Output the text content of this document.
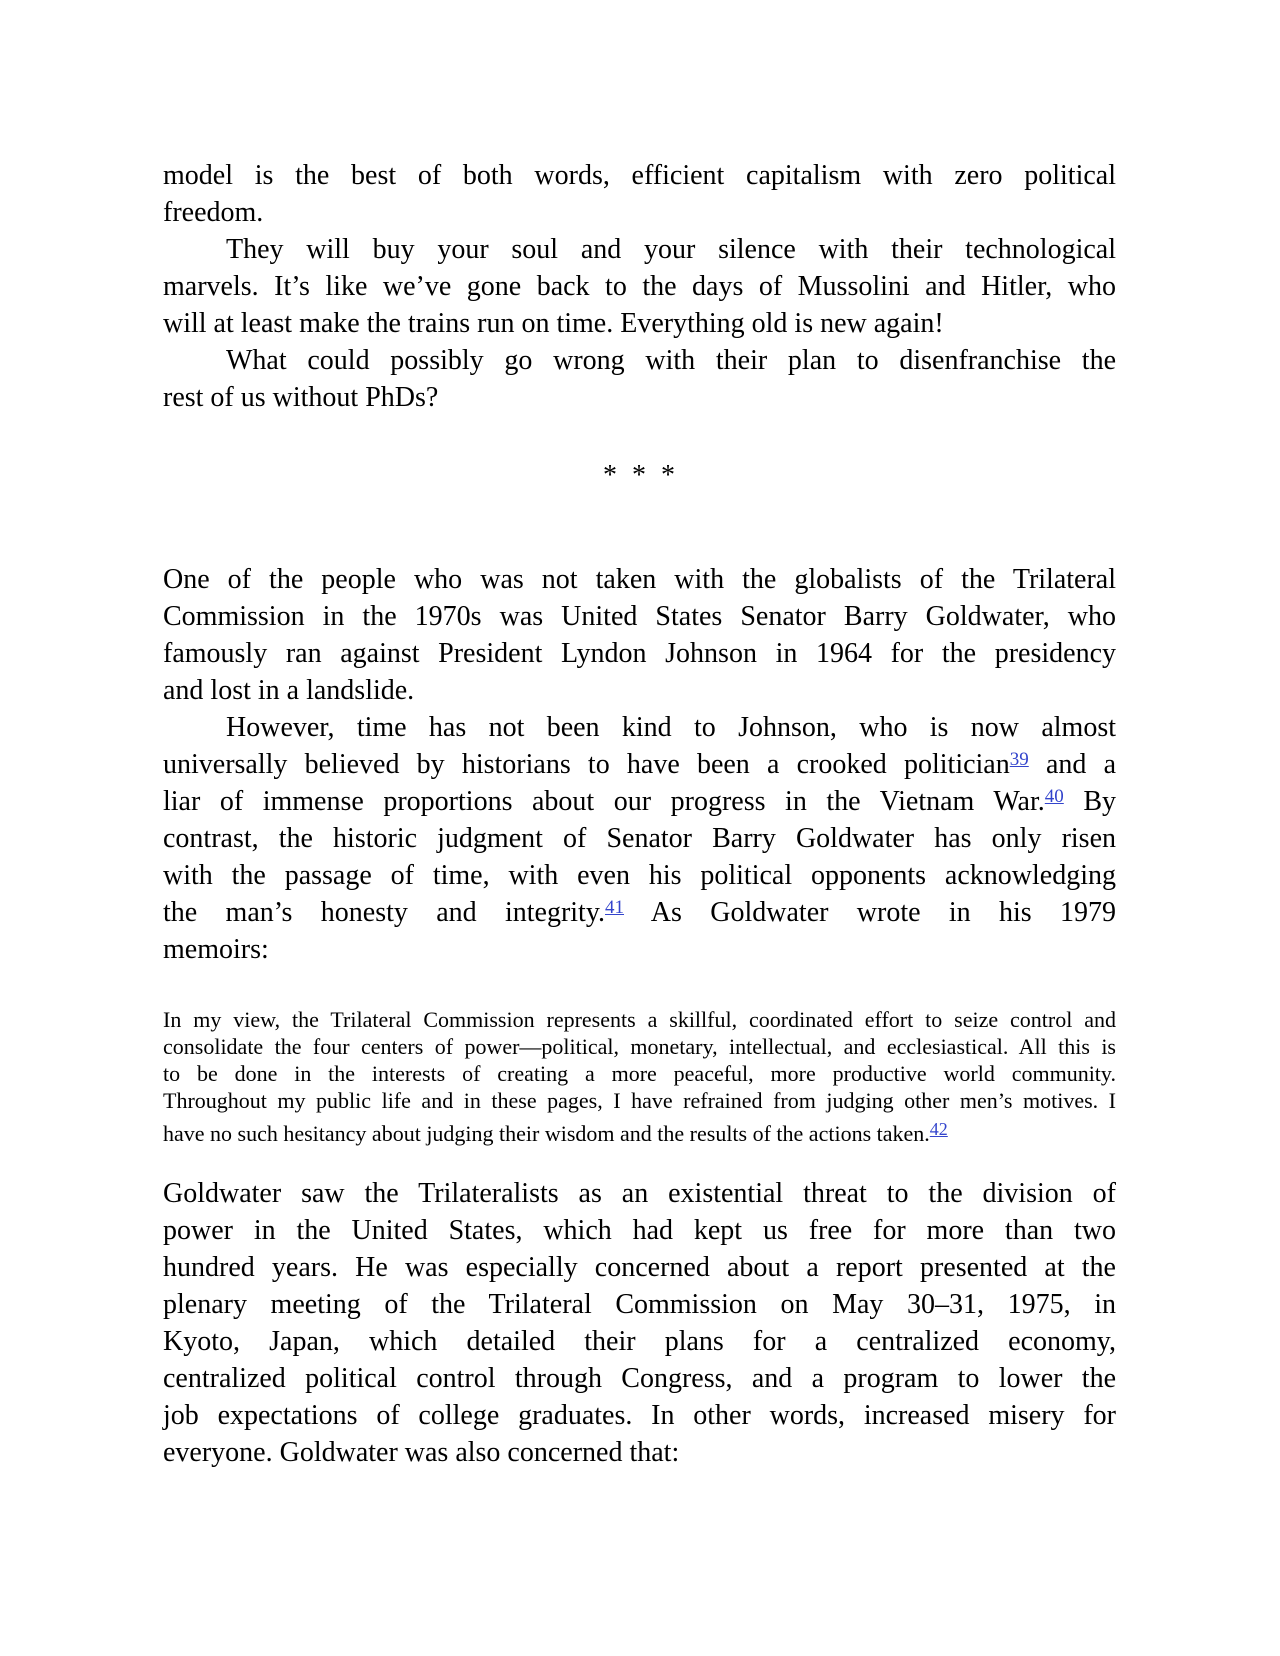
model is the best of both words, efficient capitalism with zero political
freedom.
They will buy your soul and your silence with their technological
marvels. It’s like we’ve gone back to the days of Mussolini and Hitler, who
will at least make the trains run on time. Everything old is new again!
What could possibly go wrong with their plan to disenfranchise the
rest of us without PhDs?
* * *
One of the people who was not taken with the globalists of the Trilateral
Commission in the 1970s was United States Senator Barry Goldwater, who
famously ran against President Lyndon Johnson in 1964 for the presidency
and lost in a landslide.
However, time has not been kind to Johnson, who is now almost
universally believed by historians to have been a crooked politician$^{39}$ and a
liar of immense proportions about our progress in the Vietnam War.$^{40}$ By
contrast, the historic judgment of Senator Barry Goldwater has only risen
with the passage of time, with even his political opponents acknowledging
the man’s honesty and integrity.$^{41}$ As Goldwater wrote in his 1979
memoirs:
In my view, the Trilateral Commission represents a skillful, coordinated effort to seize control and
consolidate the four centers of power—political, monetary, intellectual, and ecclesiastical. All this is
to be done in the interests of creating a more peaceful, more productive world community.
Throughout my public life and in these pages, I have refrained from judging other men’s motives. I
have no such hesitancy about judging their wisdom and the results of the actions taken.$^{42}$
Goldwater saw the Trilateralists as an existential threat to the division of
power in the United States, which had kept us free for more than two
hundred years. He was especially concerned about a report presented at the
plenary meeting of the Trilateral Commission on May 30–31, 1975, in
Kyoto, Japan, which detailed their plans for a centralized economy,
centralized political control through Congress, and a program to lower the
job expectations of college graduates. In other words, increased misery for
everyone. Goldwater was also concerned that:
